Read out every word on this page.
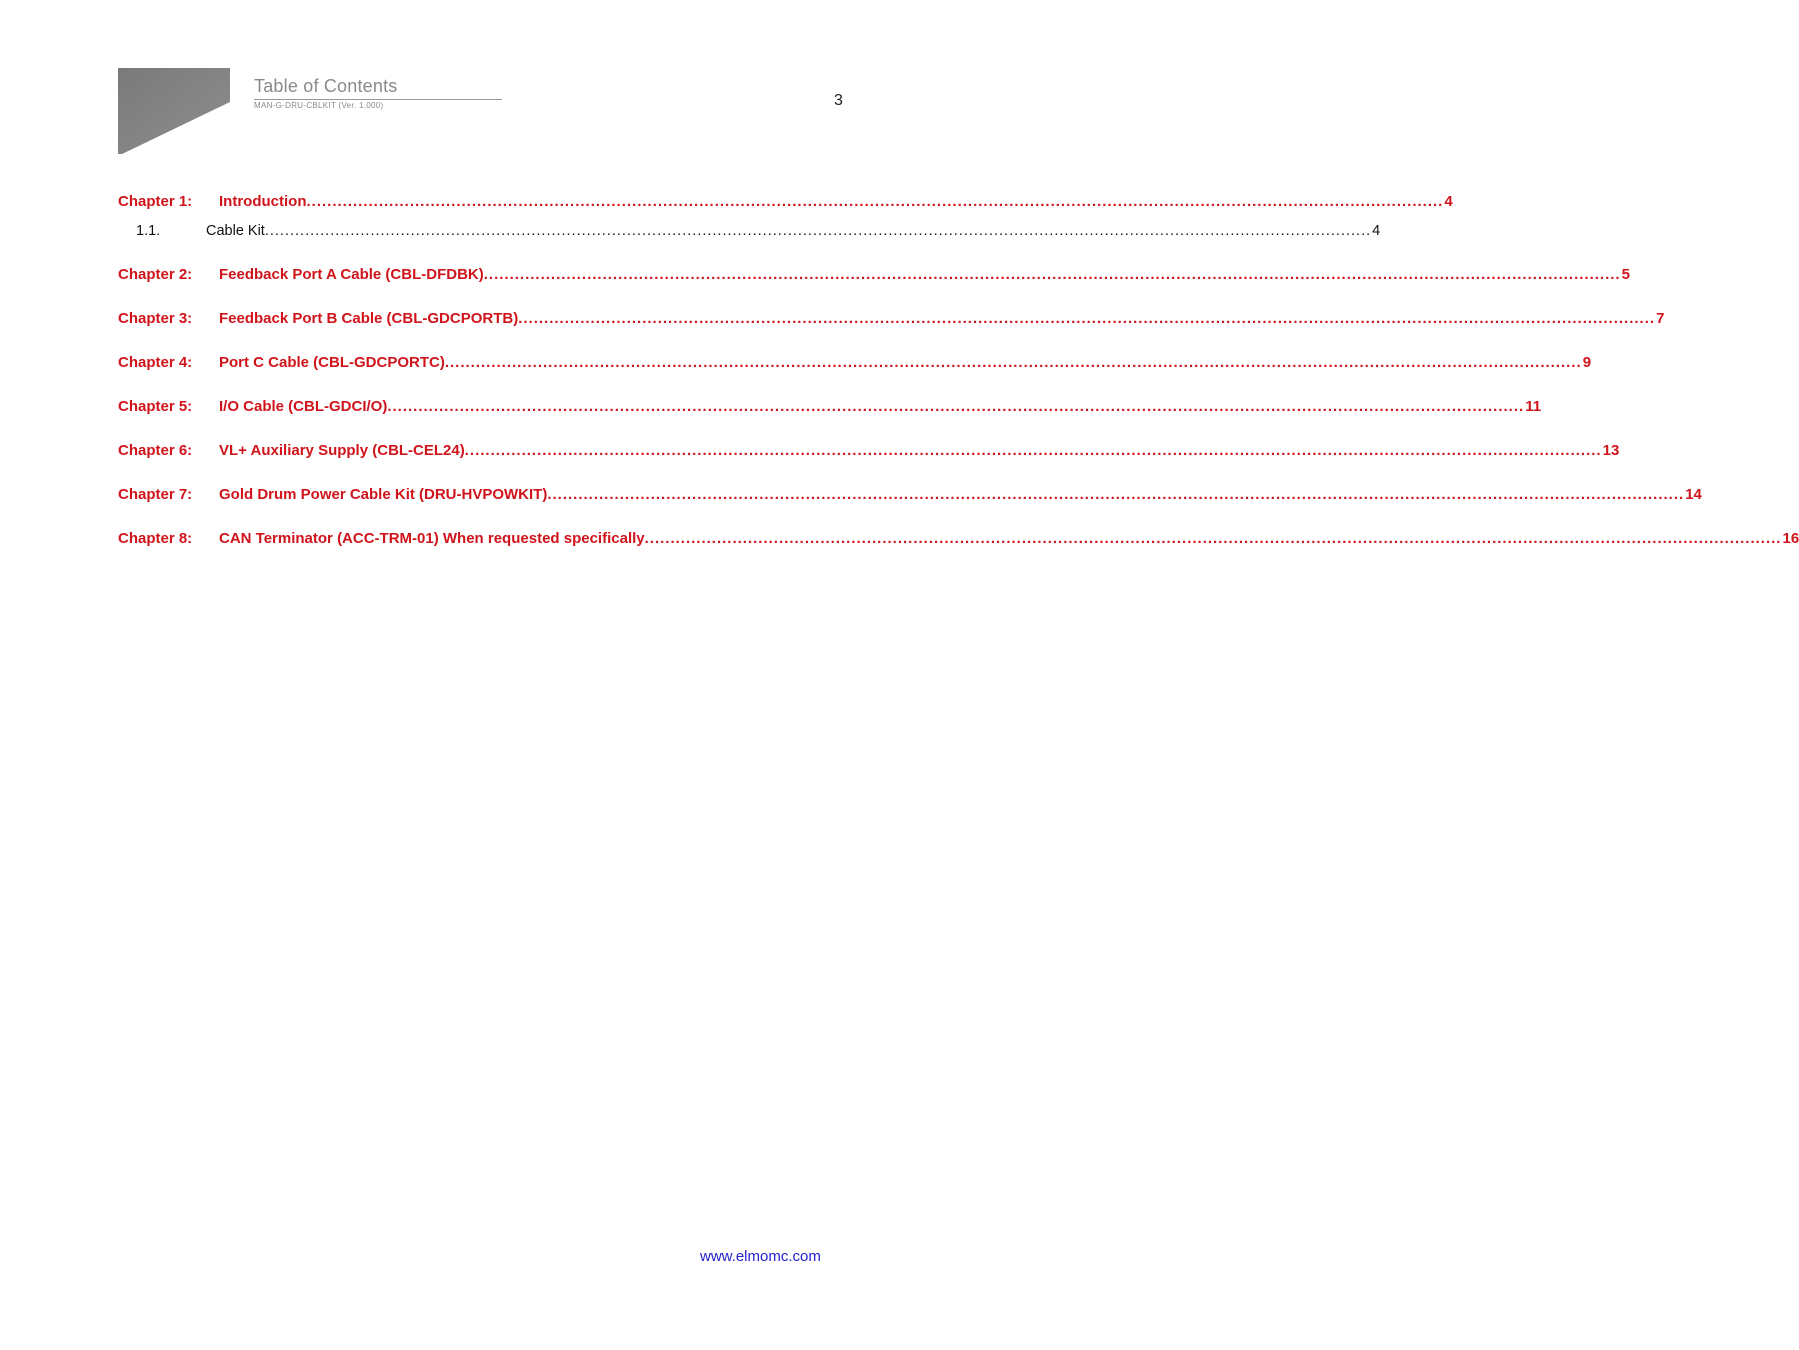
Table of Contents
MAN-G-DRU-CBLKIT (Ver. 1.000)	3
Chapter 1:	Introduction ............................................................................................................................................................................................................................ 4
1.1.	Cable Kit ............................................................................................................................................................................................................................ 4
Chapter 2:	Feedback Port A Cable (CBL-DFDBK) ............................................................................................................................................................................................................................ 5
Chapter 3:	Feedback Port B Cable (CBL-GDCPORTB) ............................................................................................................................................................................................................................ 7
Chapter 4:	Port C Cable (CBL-GDCPORTC) ............................................................................................................................................................................................................................ 9
Chapter 5:	I/O Cable (CBL-GDCI/O) ............................................................................................................................................................................................................................ 11
Chapter 6:	VL+ Auxiliary Supply (CBL-CEL24) ............................................................................................................................................................................................................................ 13
Chapter 7:	Gold Drum Power Cable Kit (DRU-HVPOWKIT) ............................................................................................................................................................................................................................ 14
Chapter 8:	CAN Terminator (ACC-TRM-01) When requested specifically ............................................................................................................................................................................................................................ 16
www.elmomc.com
